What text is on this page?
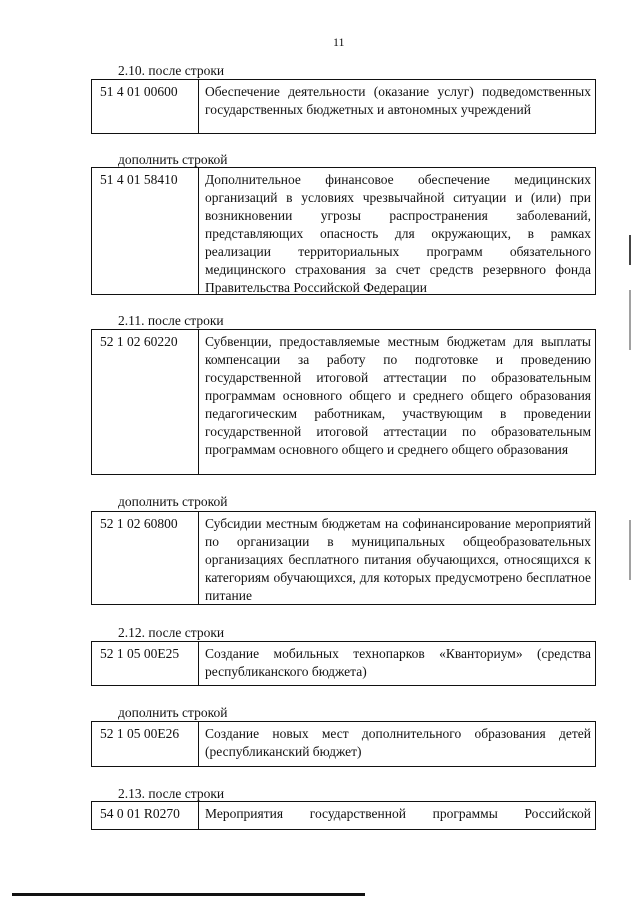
11
2.10. после строки
51 4 01 00600	Обеспечение деятельности (оказание услуг) подведомственных государственных бюджетных и автономных учреждений
дополнить строкой
51 4 01 58410	Дополнительное финансовое обеспечение медицинских организаций в условиях чрезвычайной ситуации и (или) при возникновении угрозы распространения заболеваний, представляющих опасность для окружающих, в рамках реализации территориальных программ обязательного медицинского страхования за счет средств резервного фонда Правительства Российской Федерации
2.11. после строки
52 1 02 60220	Субвенции, предоставляемые местным бюджетам для выплаты компенсации за работу по подготовке и проведению государственной итоговой аттестации по образовательным программам основного общего и среднего общего образования педагогическим работникам, участвующим в проведении государственной итоговой аттестации по образовательным программам основного общего и среднего общего образования
дополнить строкой
52 1 02 60800	Субсидии местным бюджетам на софинансирование мероприятий по организации в муниципальных общеобразовательных организациях бесплатного питания обучающихся, относящихся к категориям обучающихся, для которых предусмотрено бесплатное питание
2.12. после строки
52 1 05 00E25	Создание мобильных технопарков «Кванториум» (средства республиканского бюджета)
дополнить строкой
52 1 05 00E26	Создание новых мест дополнительного образования детей (республиканский бюджет)
2.13. после строки
54 0 01 R0270	Мероприятия государственной программы Российской
